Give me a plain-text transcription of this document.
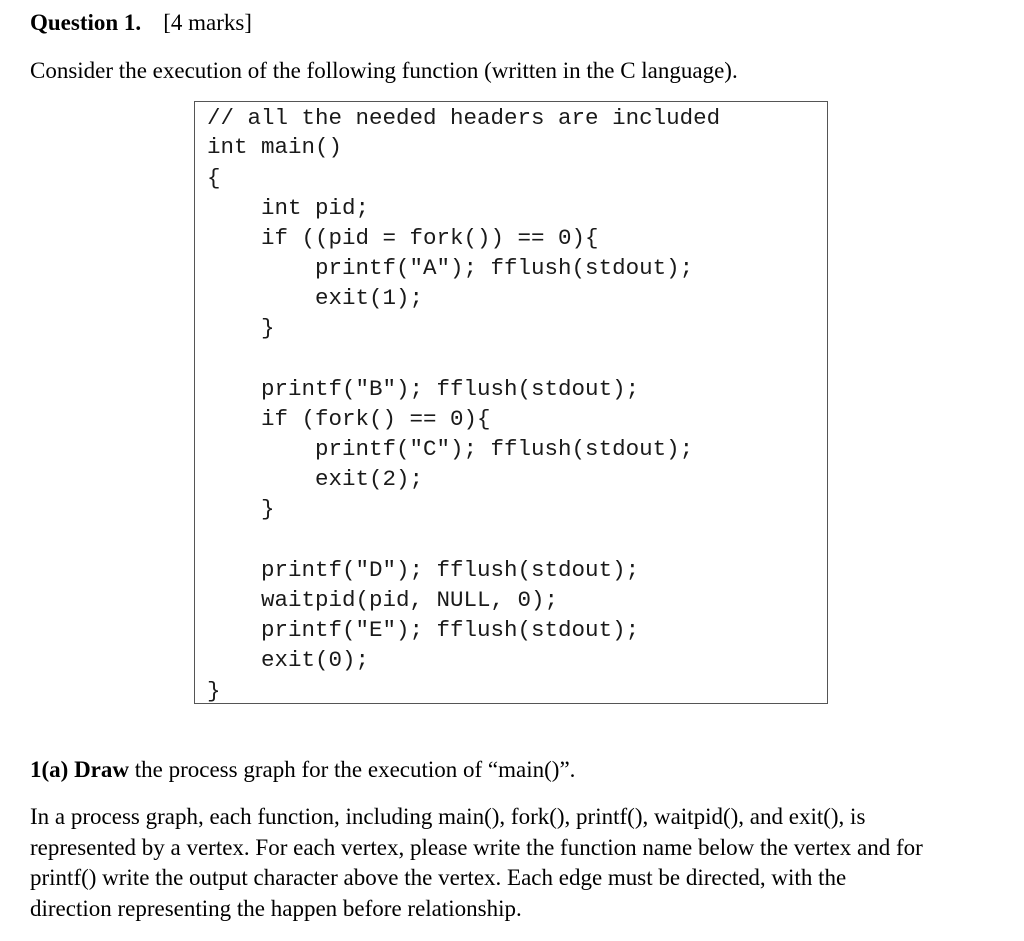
Question 1. [4 marks]
Consider the execution of the following function (written in the C language).
// all the needed headers are included
int main()
{
int pid;
if ((pid = fork()) == 0){
printf("A"); fflush(stdout);
exit(1);
}
printf("B"); fflush(stdout);
if (fork() == 0){
printf("C"); fflush(stdout);
exit(2);
}
printf("D"); fflush(stdout);
waitpid(pid, NULL, 0);
printf("E"); fflush(stdout);
exit(0);
}
1(a) Draw the process graph for the execution of “main()”.
In a process graph, each function, including main(), fork(), printf(), waitpid(), and exit(), is
represented by a vertex. For each vertex, please write the function name below the vertex and for
printf() write the output character above the vertex. Each edge must be directed, with the
direction representing the happen before relationship.
